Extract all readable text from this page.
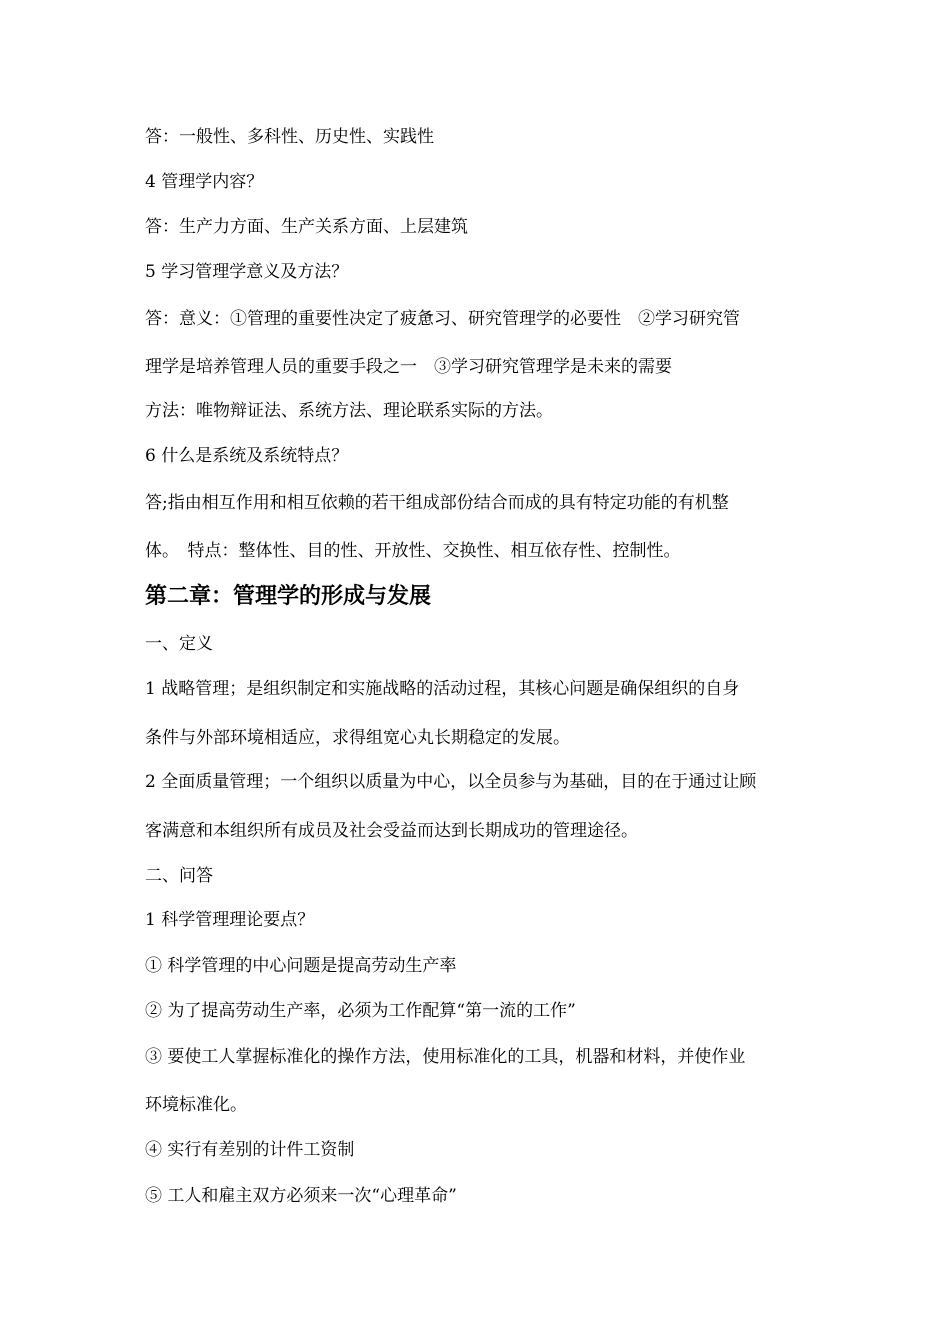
答：一般性、多科性、历史性、实践性
4 管理学内容？
答：生产力方面、生产关系方面、上层建筑
5 学习管理学意义及方法？
答：意义：①管理的重要性决定了疲惫习、研究管理学的必要性　②学习研究管
理学是培养管理人员的重要手段之一　③学习研究管理学是未来的需要
方法：唯物辩证法、系统方法、理论联系实际的方法。
6 什么是系统及系统特点？
答;指由相互作用和相互依赖的若干组成部份结合而成的具有特定功能的有机整
体。　特点：整体性、目的性、开放性、交换性、相互依存性、控制性。
第二章：管理学的形成与发展
一、定义
1 战略管理；是组织制定和实施战略的活动过程，其核心问题是确保组织的自身
条件与外部环境相适应，求得组宽心丸长期稳定的发展。
2 全面质量管理；一个组织以质量为中心，以全员参与为基础，目的在于通过让顾
客满意和本组织所有成员及社会受益而达到长期成功的管理途径。
二、问答
1 科学管理理论要点？
① 科学管理的中心问题是提高劳动生产率
② 为了提高劳动生产率，必须为工作配算“第一流的工作”
③ 要使工人掌握标准化的操作方法，使用标准化的工具，机器和材料，并使作业
环境标准化。
④ 实行有差别的计件工资制
⑤ 工人和雇主双方必须来一次“心理革命”
